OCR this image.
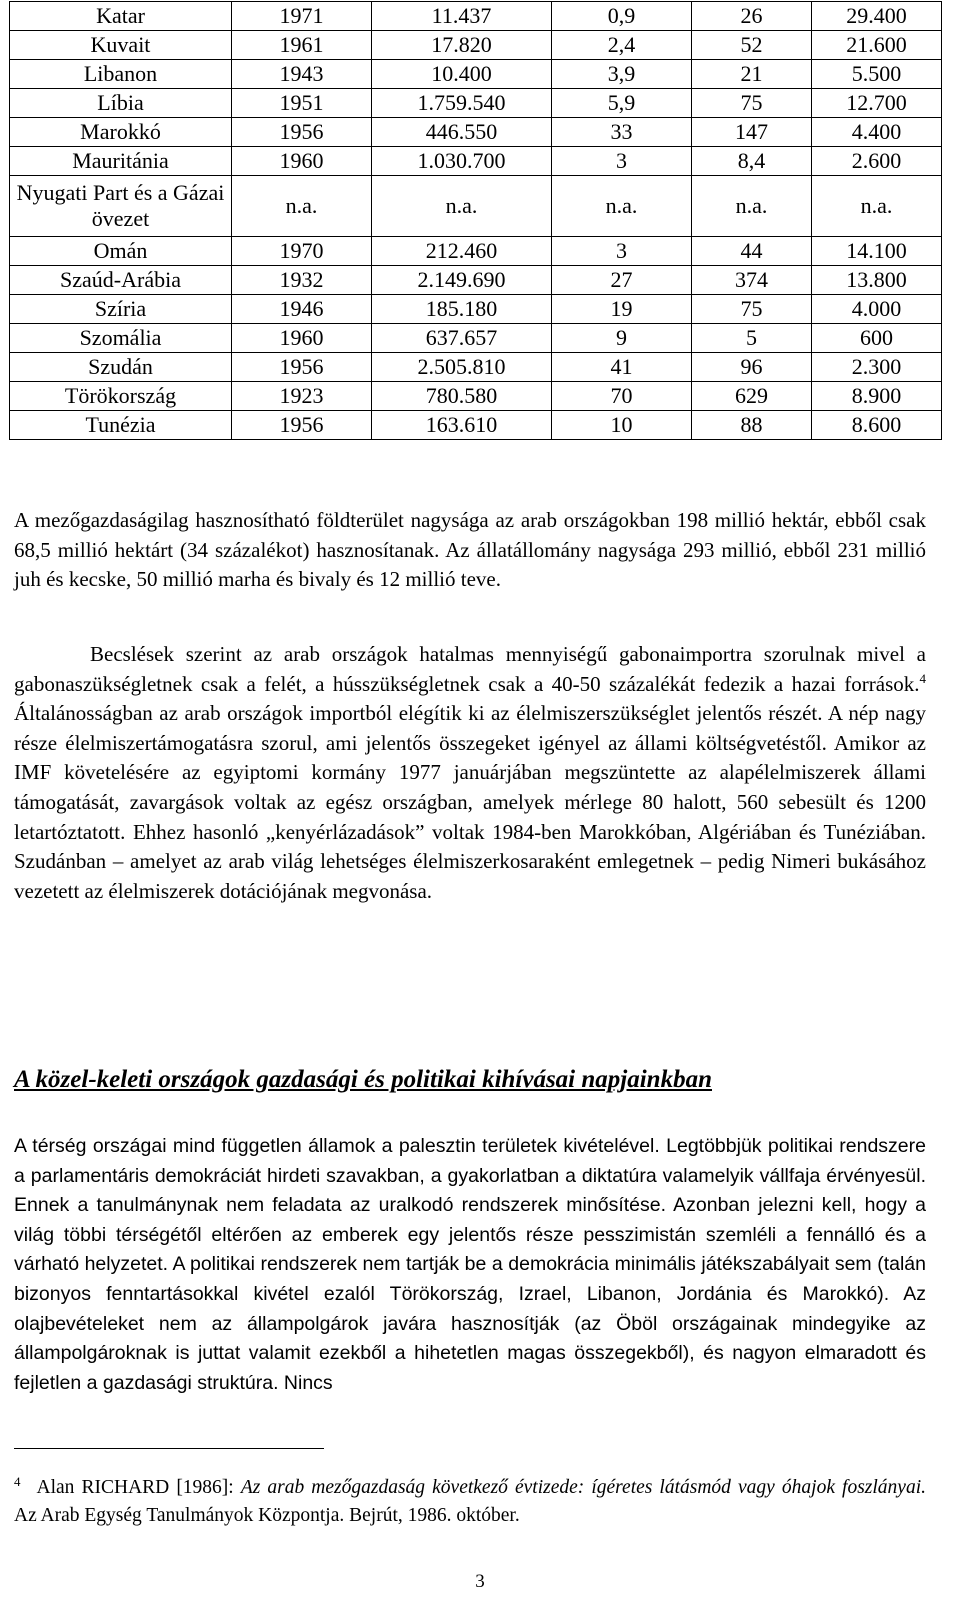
Katar	1971	11.437	0,9	26	29.400
Kuvait	1961	17.820	2,4	52	21.600
Libanon	1943	10.400	3,9	21	5.500
Líbia	1951	1.759.540	5,9	75	12.700
Marokkó	1956	446.550	33	147	4.400
Mauritánia	1960	1.030.700	3	8,4	2.600
Nyugati Part és a Gázai övezet	n.a.	n.a.	n.a.	n.a.	n.a.
Omán	1970	212.460	3	44	14.100
Szaúd-Arábia	1932	2.149.690	27	374	13.800
Szíria	1946	185.180	19	75	4.000
Szomália	1960	637.657	9	5	600
Szudán	1956	2.505.810	41	96	2.300
Törökország	1923	780.580	70	629	8.900
Tunézia	1956	163.610	10	88	8.600

A mezőgazdaságilag hasznosítható földterület nagysága az arab országokban 198 millió hektár, ebből csak 68,5 millió hektárt (34 százalékot) hasznosítanak. Az állatállomány nagysága 293 millió, ebből 231 millió juh és kecske, 50 millió marha és bivaly és 12 millió teve.

Becslések szerint az arab országok hatalmas mennyiségű gabonaimportra szorulnak mivel a gabonaszükségletnek csak a felét, a hússzükségletnek csak a 40-50 százalékát fedezik a hazai források.$^4$ Általánosságban az arab országok importból elégítik ki az élelmiszerszükséglet jelentős részét. A nép nagy része élelmiszertámogatásra szorul, ami jelentős összegeket igényel az állami költségvetéstől. Amikor az IMF követelésére az egyiptomi kormány 1977 januárjában megszüntette az alapélelmiszerek állami támogatását, zavargások voltak az egész országban, amelyek mérlege 80 halott, 560 sebesült és 1200 letartóztatott. Ehhez hasonló „kenyérlázadások” voltak 1984-ben Marokkóban, Algériában és Tunéziában. Szudánban – amelyet az arab világ lehetséges élelmiszerkosaraként emlegetnek – pedig Nimeri bukásához vezetett az élelmiszerek dotációjának megvonása.

A közel-keleti országok gazdasági és politikai kihívásai napjainkban

A térség országai mind független államok a palesztin területek kivételével. Legtöbbjük politikai rendszere a parlamentáris demokráciát hirdeti szavakban, a gyakorlatban a diktatúra valamelyik vállfaja érvényesül. Ennek a tanulmánynak nem feladata az uralkodó rendszerek minősítése. Azonban jelezni kell, hogy a világ többi térségétől eltérően az emberek egy jelentős része pesszimistán szemléli a fennálló és a várható helyzetet. A politikai rendszerek nem tartják be a demokrácia minimális játékszabályait sem (talán bizonyos fenntartásokkal kivétel ezalól Törökország, Izrael, Libanon, Jordánia és Marokkó). Az olajbevételeket nem az állampolgárok javára hasznosítják (az Öböl országainak mindegyike az állampolgároknak is juttat valamit ezekből a hihetetlen magas összegekből), és nagyon elmaradott és fejletlen a gazdasági struktúra. Nincs

$^4$ Alan RICHARD [1986]: Az arab mezőgazdaság következő évtizede: ígéretes látásmód vagy óhajok foszlányai. Az Arab Egység Tanulmányok Központja. Bejrút, 1986. október.

3
